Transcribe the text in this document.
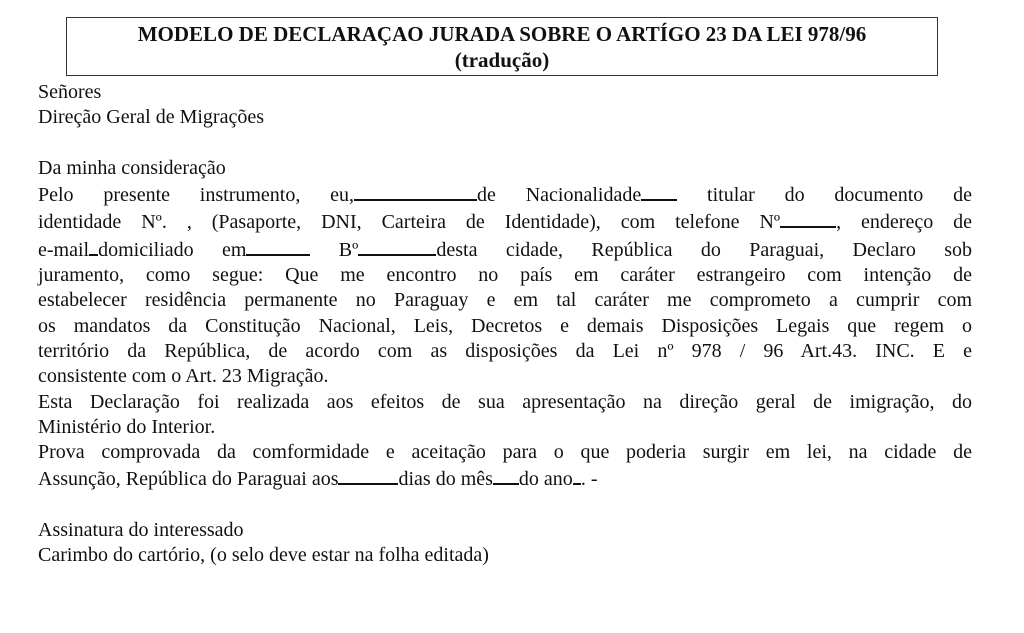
MODELO DE DECLARAÇAO JURADA SOBRE O ARTÍGO 23 DA LEI 978/96
(tradução)
Señores
Direção Geral de Migrações
Da minha consideração
Pelo presente instrumento, eu,	de Nacionalidade titular do documento de
identidade Nº. , (Pasaporte, DNI, Carteira de Identidade), com telefone Nº	, endereço de
e-mail domiciliado em	Bº	desta cidade, República do Paraguai, Declaro sob
juramento, como segue: Que me encontro no país em caráter estrangeiro com intenção de
estabelecer residência permanente no Paraguay e em tal caráter me comprometo a cumprir com
os mandatos da Constitução Nacional, Leis, Decretos e demais Disposições Legais que regem o
território da República, de acordo com as disposições da Lei nº 978 / 96 Art.43. INC. E e
consistente com o Art. 23 Migração.
Esta Declaração foi realizada aos efeitos de sua apresentação na direção geral de imigração, do
Ministério do Interior.
Prova comprovada da comformidade e aceitação para o que poderia surgir em lei, na cidade de
Assunção, República do Paraguai aos	dias do mês do ano . -
Assinatura do interessado
Carimbo do cartório, (o selo deve estar na folha editada)
